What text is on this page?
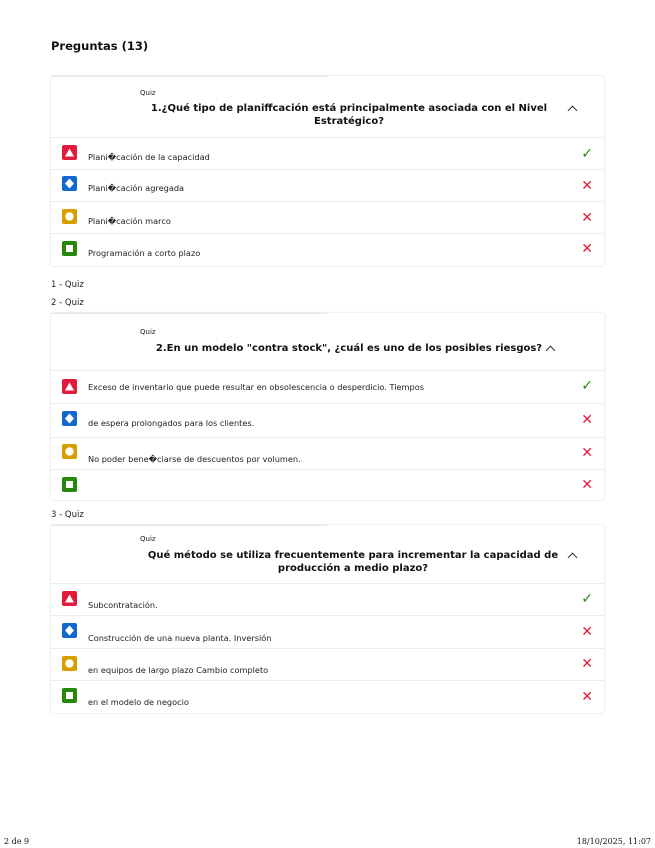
Preguntas (13)
Quiz
1.¿Qué tipo de planiffcación está principalmente asociada con el Nivel Estratégico?
Plani�cación de la capacidad	✓
Plani�cación agregada	✕
Plani�cación marco	✕
Programación a corto plazo	✕
1 - Quiz
2 - Quiz
Quiz
2.En un modelo "contra stock", ¿cuál es uno de los posibles riesgos?
Exceso de inventario que puede resultar en obsolescencia o desperdicio. Tiempos	✓
de espera prolongados para los clientes.	✕
No poder bene�ciarse de descuentos por volumen.	✕
✕
3 - Quiz
Quiz
Qué método se utiliza frecuentemente para incrementar la capacidad de producción a medio plazo?
Subcontratación.	✓
Construcción de una nueva planta. Inversión	✕
en equipos de largo plazo Cambio completo	✕
en el modelo de negocio	✕
2 de 9	18/10/2025, 11:07
